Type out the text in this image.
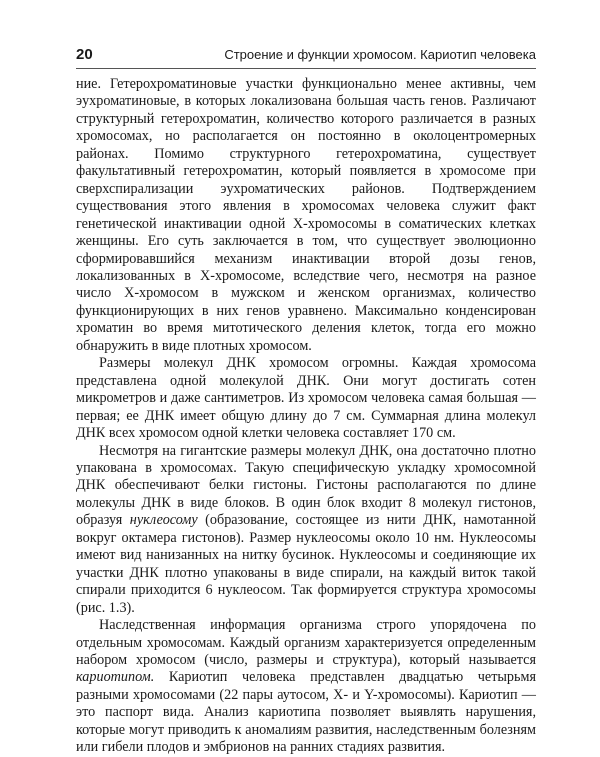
20	Строение и функции хромосом. Кариотип человека

ние. Гетерохроматиновые участки функционально менее активны, чем эухроматиновые, в которых локализована большая часть генов. Различают структурный гетерохроматин, количество которого различается в разных хромосомах, но располагается он постоянно в околоцентромерных районах. Помимо структурного гетерохроматина, существует факультативный гетерохроматин, который появляется в хромосоме при сверхспирализации эухроматических районов. Подтверждением существования этого явления в хромосомах человека служит факт генетической инактивации одной Х-хромосомы в соматических клетках женщины. Его суть заключается в том, что существует эволюционно сформировавшийся механизм инактивации второй дозы генов, локализованных в Х-хромосоме, вследствие чего, несмотря на разное число Х-хромосом в мужском и женском организмах, количество функционирующих в них генов уравнено. Максимально конденсирован хроматин во время митотического деления клеток, тогда его можно обнаружить в виде плотных хромосом.

Размеры молекул ДНК хромосом огромны. Каждая хромосома представлена одной молекулой ДНК. Они могут достигать сотен микрометров и даже сантиметров. Из хромосом человека самая большая — первая; ее ДНК имеет общую длину до 7 см. Суммарная длина молекул ДНК всех хромосом одной клетки человека составляет 170 см.

Несмотря на гигантские размеры молекул ДНК, она достаточно плотно упакована в хромосомах. Такую специфическую укладку хромосомной ДНК обеспечивают белки гистоны. Гистоны располагаются по длине молекулы ДНК в виде блоков. В один блок входит 8 молекул гистонов, образуя нуклеосому (образование, состоящее из нити ДНК, намотанной вокруг октамера гистонов). Размер нуклеосомы около 10 нм. Нуклеосомы имеют вид нанизанных на нитку бусинок. Нуклеосомы и соединяющие их участки ДНК плотно упакованы в виде спирали, на каждый виток такой спирали приходится 6 нуклеосом. Так формируется структура хромосомы (рис. 1.3).

Наследственная информация организма строго упорядочена по отдельным хромосомам. Каждый организм характеризуется определенным набором хромосом (число, размеры и структура), который называется кариотипом. Кариотип человека представлен двадцатью четырьмя разными хромосомами (22 пары аутосом, X- и Y-хромосомы). Кариотип — это паспорт вида. Анализ кариотипа позволяет выявлять нарушения, которые могут приводить к аномалиям развития, наследственным болезням или гибели плодов и эмбрионов на ранних стадиях развития.
